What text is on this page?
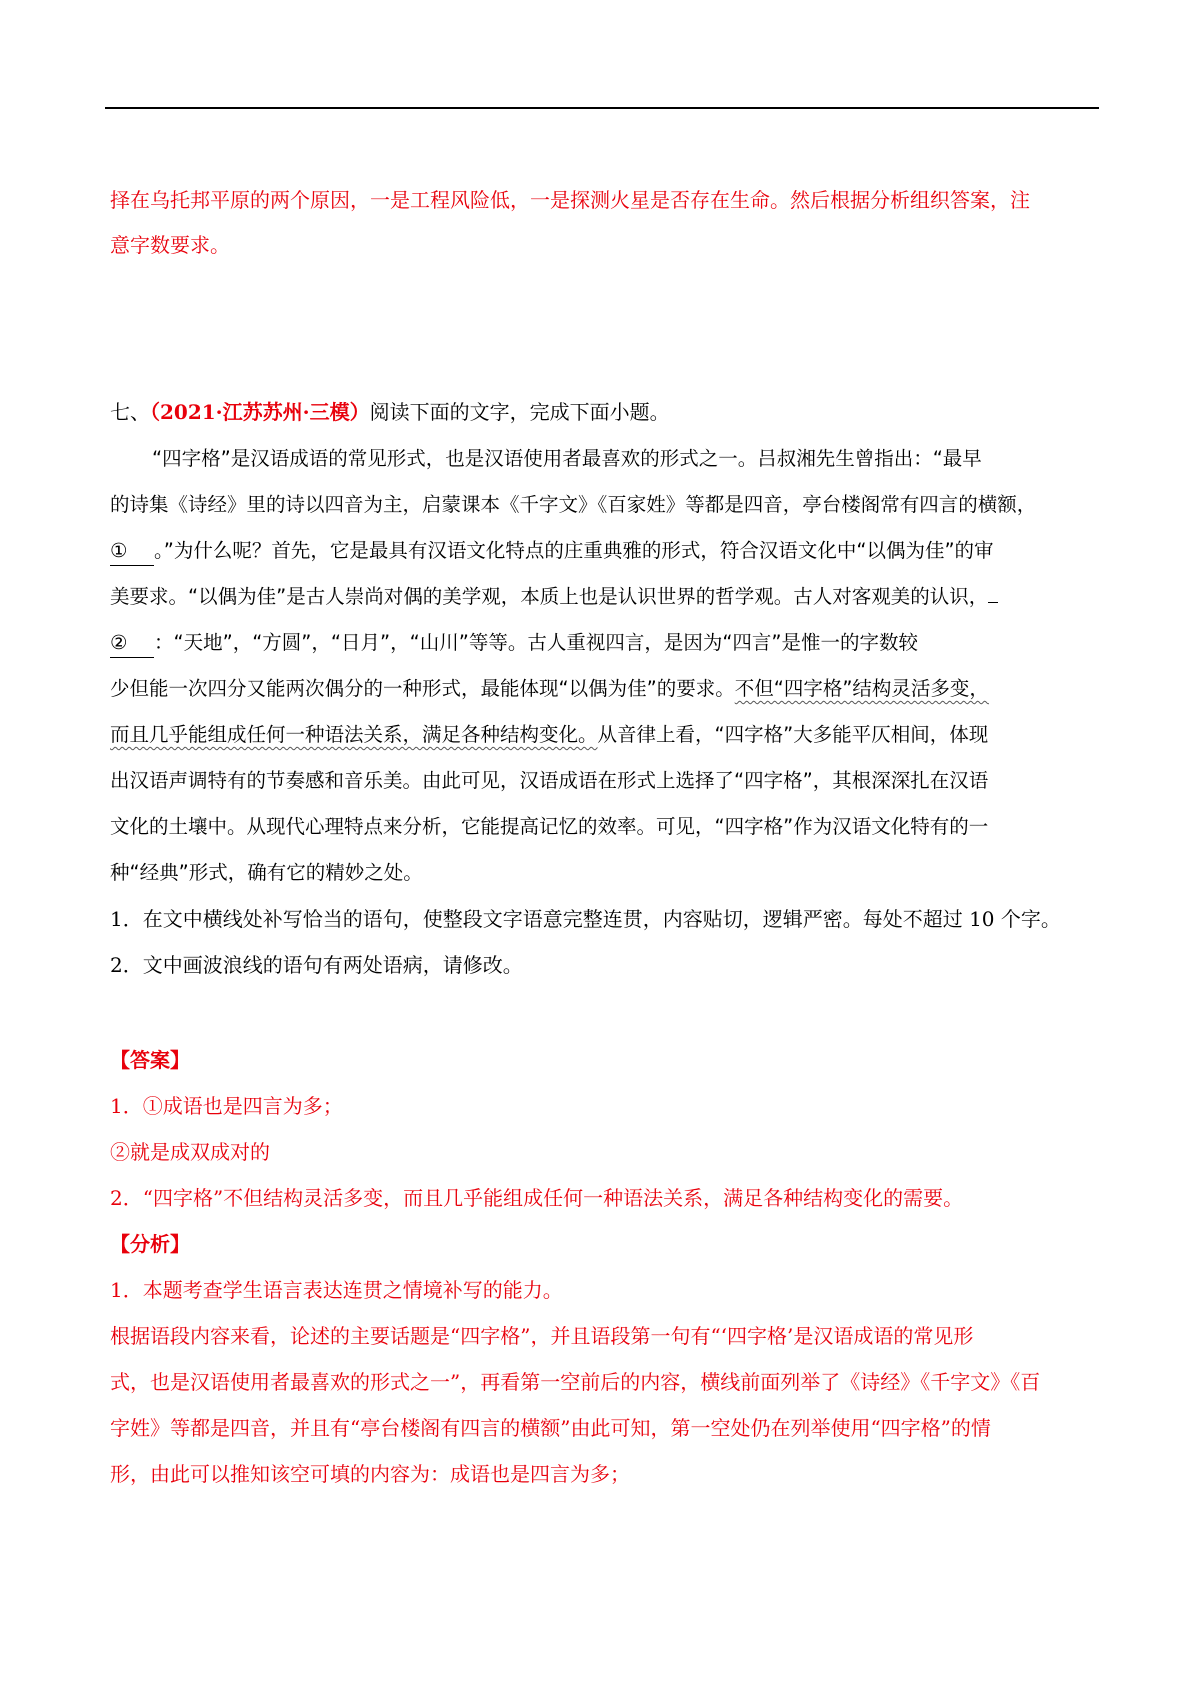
择在乌托邦平原的两个原因，一是工程风险低，一是探测火星是否存在生命。然后根据分析组织答案，注
意字数要求。
七、（2021·江苏苏州·三模）阅读下面的文字，完成下面小题。
“四字格”是汉语成语的常见形式，也是汉语使用者最喜欢的形式之一。吕叔湘先生曾指出：“最早
的诗集《诗经》里的诗以四音为主，启蒙课本《千字文》《百家姓》等都是四音，亭台楼阁常有四言的横额，
① 。”为什么呢？首先，它是最具有汉语文化特点的庄重典雅的形式，符合汉语文化中“以偶为佳”的审
美要求。“以偶为佳”是古人崇尚对偶的美学观，本质上也是认识世界的哲学观。古人对客观美的认识，
② ：“天地”，“方圆”，“日月”，“山川”等等。古人重视四言，是因为“四言”是惟一的字数较
少但能一次四分又能两次偶分的一种形式，最能体现“以偶为佳”的要求。不但“四字格”结构灵活多变，
而且几乎能组成任何一种语法关系，满足各种结构变化。从音律上看，“四字格”大多能平仄相间，体现
出汉语声调特有的节奏感和音乐美。由此可见，汉语成语在形式上选择了“四字格”，其根深深扎在汉语
文化的土壤中。从现代心理特点来分析，它能提高记忆的效率。可见，“四字格”作为汉语文化特有的一
种“经典”形式，确有它的精妙之处。
1．在文中横线处补写恰当的语句，使整段文字语意完整连贯，内容贴切，逻辑严密。每处不超过 10 个字。
2．文中画波浪线的语句有两处语病，请修改。
【答案】
1．①成语也是四言为多；
②就是成双成对的
2．“四字格”不但结构灵活多变，而且几乎能组成任何一种语法关系，满足各种结构变化的需要。
【分析】
1．本题考查学生语言表达连贯之情境补写的能力。
根据语段内容来看，论述的主要话题是“四字格”，并且语段第一句有“‘四字格’是汉语成语的常见形
式，也是汉语使用者最喜欢的形式之一”，再看第一空前后的内容，横线前面列举了《诗经》《千字文》《百
字姓》等都是四音，并且有“亭台楼阁有四言的横额”由此可知，第一空处仍在列举使用“四字格”的情
形，由此可以推知该空可填的内容为：成语也是四言为多；
